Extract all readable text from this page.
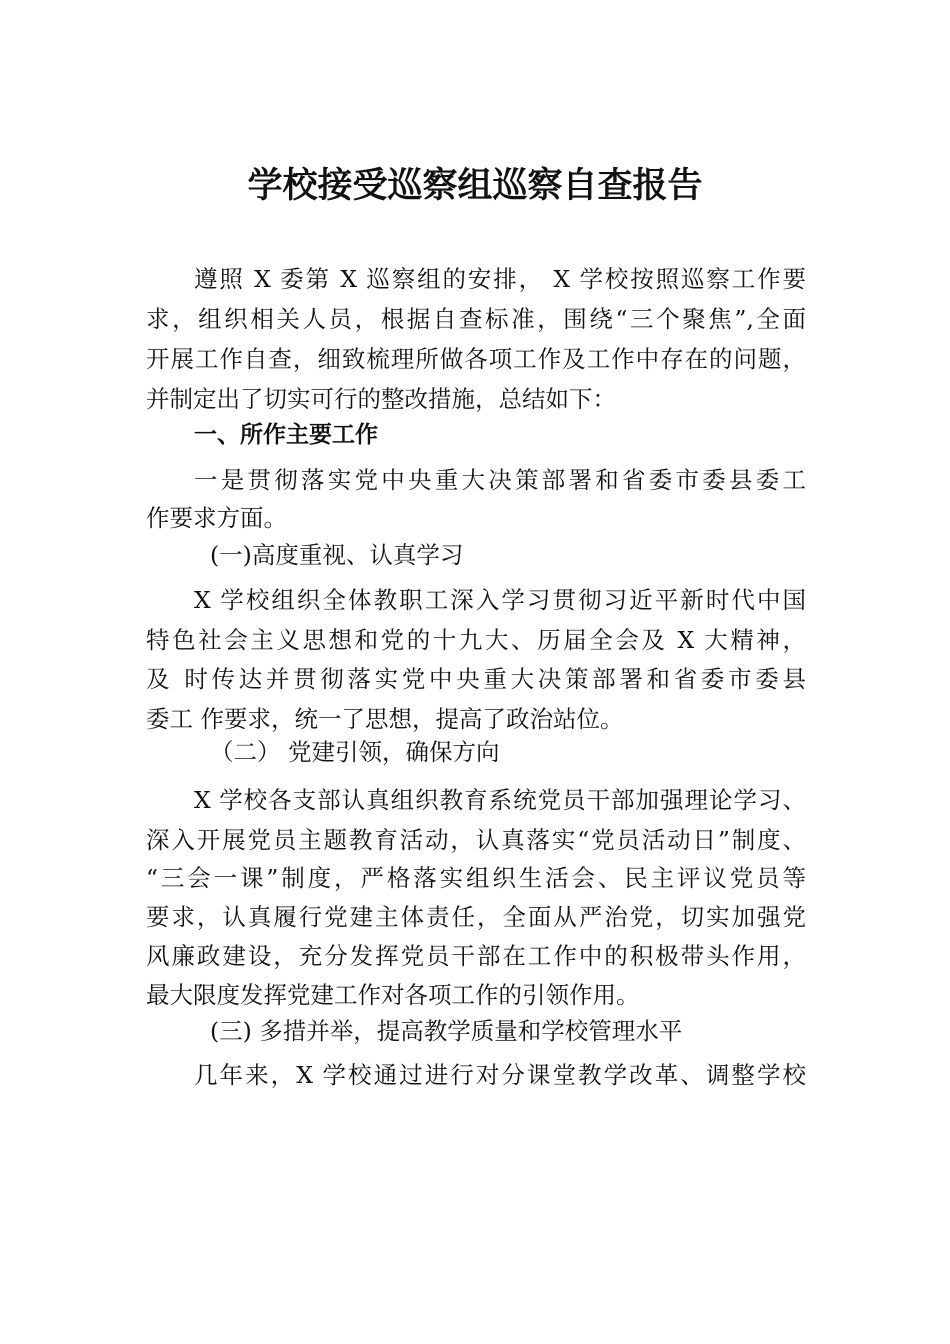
学校接受巡察组巡察自查报告

遵照 X 委第 X 巡察组的安排， X 学校按照巡察工作要

求，组织相关人员，根据自查标准，围绕“三个聚焦”,全面

开展工作自查，细致梳理所做各项工作及工作中存在的问题，

并制定出了切实可行的整改措施，总结如下：

一、所作主要工作

一是贯彻落实党中央重大决策部署和省委市委县委工

作要求方面。

(一)高度重视、认真学习

X 学校组织全体教职工深入学习贯彻习近平新时代中国

特色社会主义思想和党的十九大、历届全会及 X 大精神，

及 时传达并贯彻落实党中央重大决策部署和省委市委县

委工 作要求，统一了思想，提高了政治站位。

（二） 党建引领，确保方向

X 学校各支部认真组织教育系统党员干部加强理论学习、

深入开展党员主题教育活动，认真落实“党员活动日”制度、

“三会一课”制度，严格落实组织生活会、民主评议党员等

要求，认真履行党建主体责任，全面从严治党，切实加强党

风廉政建设，充分发挥党员干部在工作中的积极带头作用，

最大限度发挥党建工作对各项工作的引领作用。

(三) 多措并举，提高教学质量和学校管理水平

几年来，X 学校通过进行对分课堂教学改革、调整学校
